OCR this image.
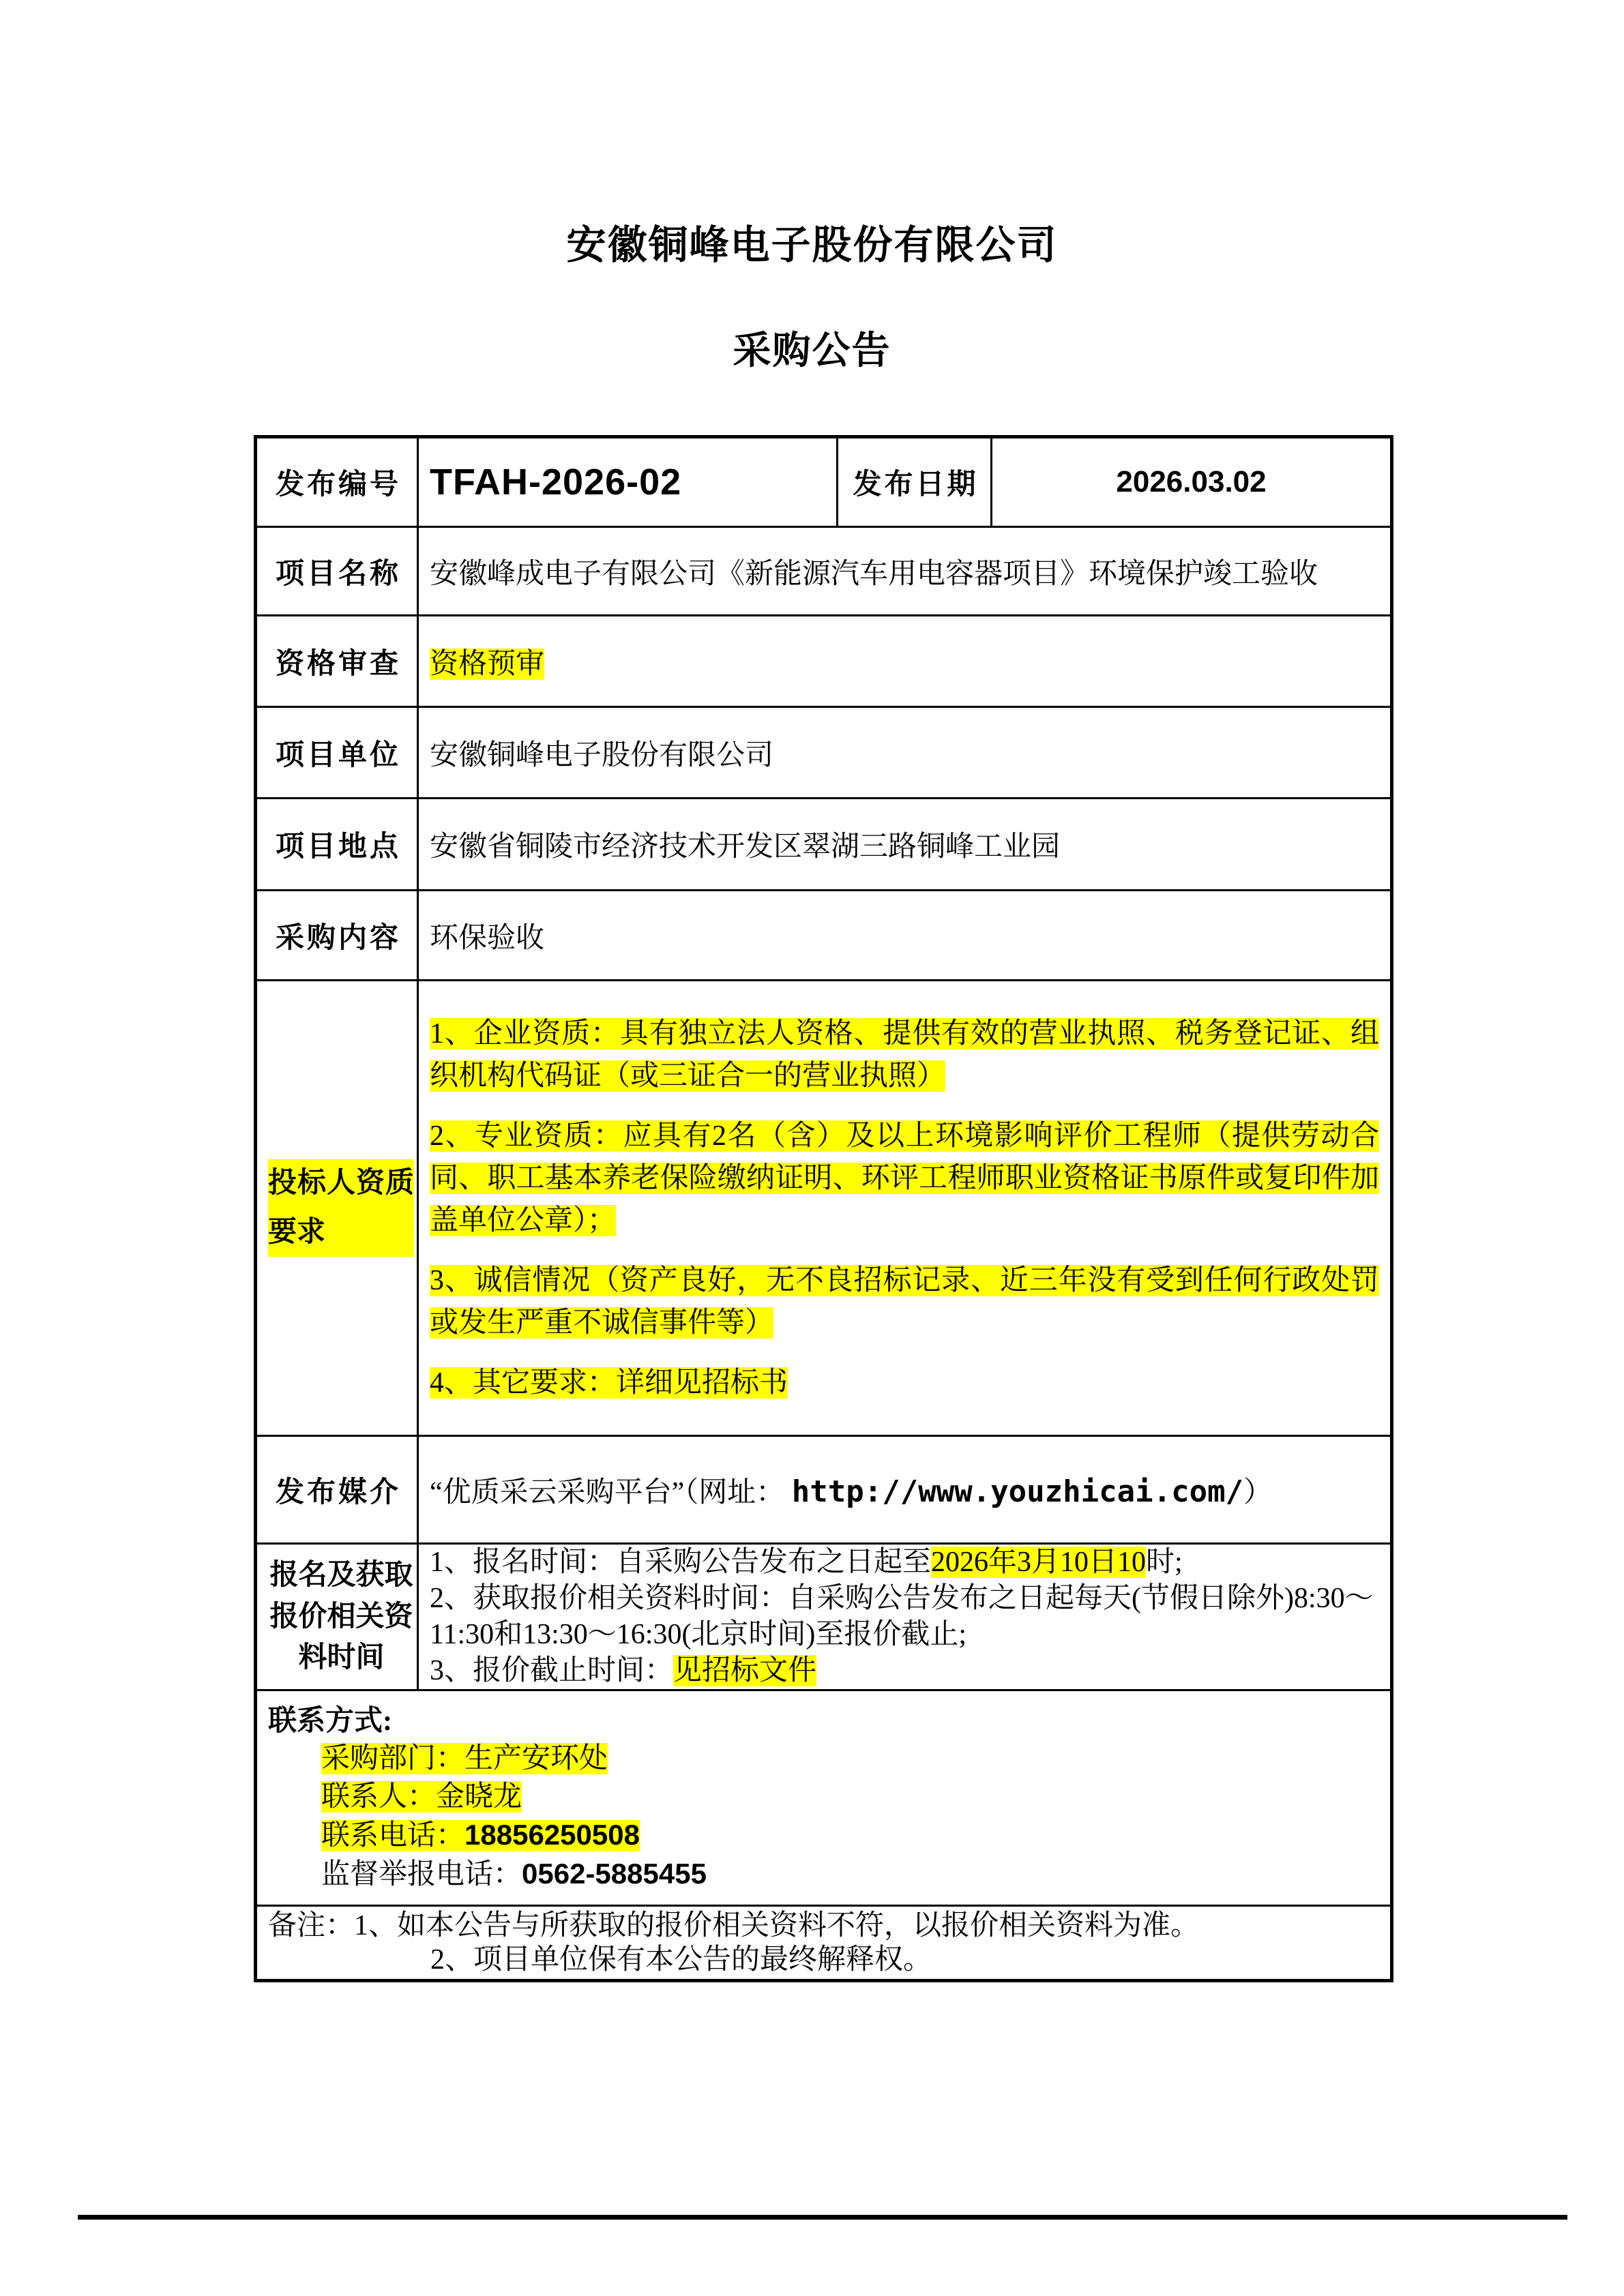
安徽铜峰电子股份有限公司
采购公告
发布编号	TFAH-2026-02	发布日期	2026.03.02
项目名称	安徽峰成电子有限公司《新能源汽车用电容器项目》环境保护竣工验收		
资格审查	资格预审		
项目单位	安徽铜峰电子股份有限公司		
项目地点	安徽省铜陵市经济技术开发区翠湖三路铜峰工业园		
采购内容	环保验收		
投标人资质要求	1、企业资质：具有独立法人资格、提供有效的营业执照、税务登记证、组织机构代码证（或三证合一的营业执照）

2、专业资质：应具有2名（含）及以上环境影响评价工程师（提供劳动合同、职工基本养老保险缴纳证明、环评工程师职业资格证书原件或复印件加盖单位公章）；

3、诚信情况（资产良好，无不良招标记录、近三年没有受到任何行政处罚或发生严重不诚信事件等）

4、其它要求：详细见招标书		

发布媒介	“优质采云采购平台”（网址： http://www.youzhicai.com/）		
报名及获取报价相关资料时间	1、报名时间：自采购公告发布之日起至2026年3月10日10时;
2、获取报价相关资料时间：自采购公告发布之日起每天(节假日除外)8:30～11:30和13:30～16:30(北京时间)至报价截止;
3、报价截止时间：见招标文件		

联系方式:
采购部门：生产安环处
联系人：金晓龙
联系电话：18856250508
监督举报电话：0562-5885455			

备注：1、如本公告与所获取的报价相关资料不符，以报价相关资料为准。
2、项目单位保有本公告的最终解释权。			
